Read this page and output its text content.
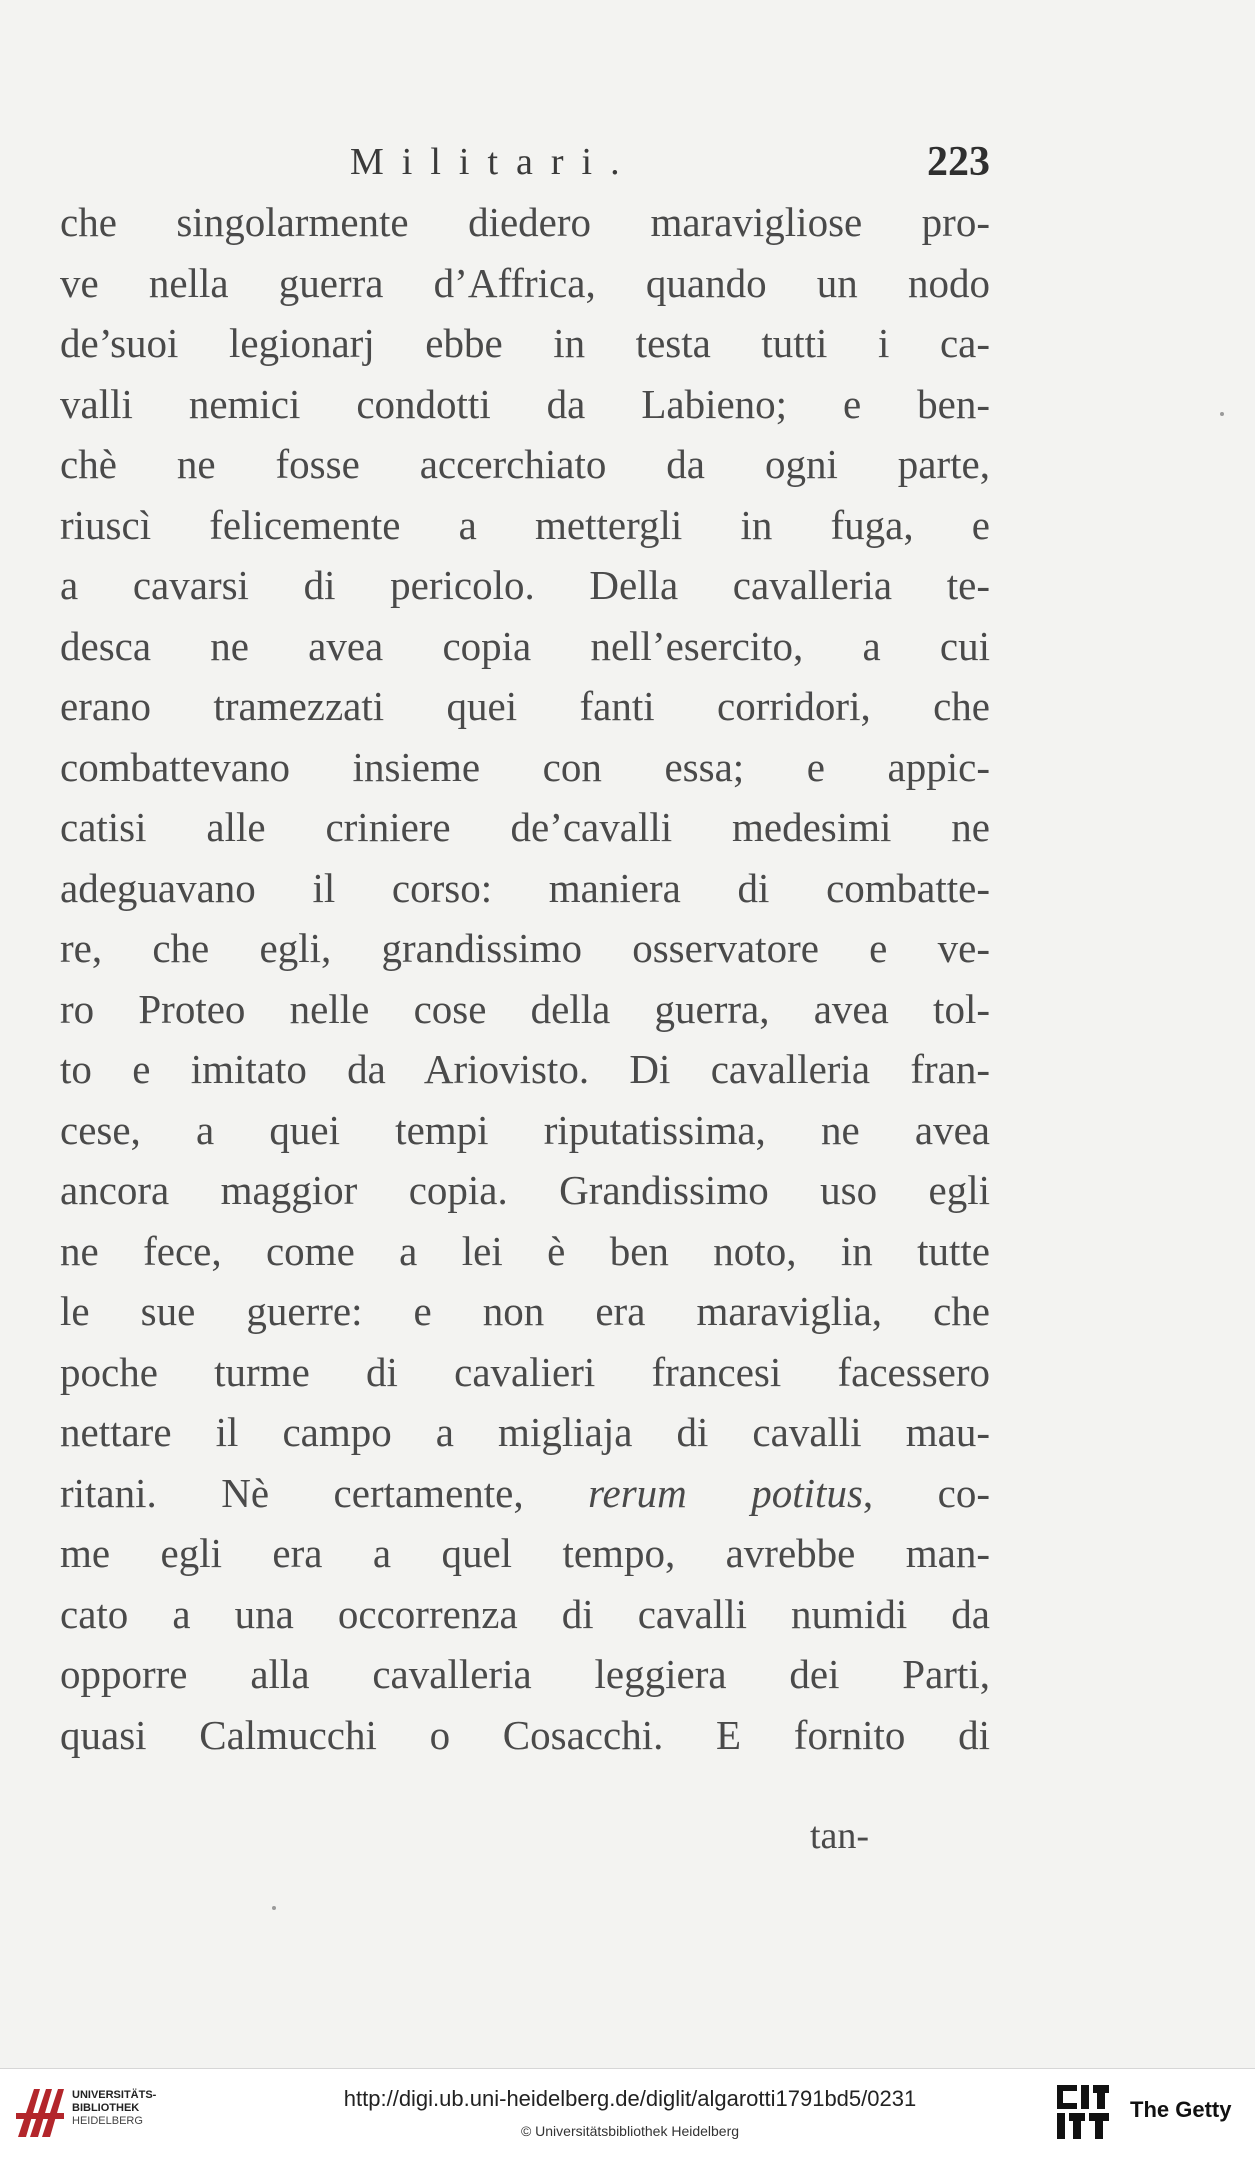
Militari.	223
che singolarmente diedero maravigliose pro-
ve nella guerra d’Affrica, quando un nodo
de’suoi legionarj ebbe in testa tutti i ca-
valli nemici condotti da Labieno; e ben-
chè ne fosse accerchiato da ogni parte,
riuscì felicemente a mettergli in fuga, e
a cavarsi di pericolo. Della cavalleria te-
desca ne avea copia nell’esercito, a cui
erano tramezzati quei fanti corridori, che
combattevano insieme con essa; e appic-
catisi alle criniere de’cavalli medesimi ne
adeguavano il corso: maniera di combatte-
re, che egli, grandissimo osservatore e ve-
ro Proteo nelle cose della guerra, avea tol-
to e imitato da Ariovisto. Di cavalleria fran-
cese, a quei tempi riputatissima, ne avea
ancora maggior copia. Grandissimo uso egli
ne fece, come a lei è ben noto, in tutte
le sue guerre: e non era maraviglia, che
poche turme di cavalieri francesi facessero
nettare il campo a migliaja di cavalli mau-
ritani. Nè certamente, rerum potitus, co-
me egli era a quel tempo, avrebbe man-
cato a una occorrenza di cavalli numidi da
opporre alla cavalleria leggiera dei Parti,
quasi Calmucchi o Cosacchi. E fornito di
tan-
UNIVERSITÄTS-
BIBLIOTHEK
HEIDELBERG
http://digi.ub.uni-heidelberg.de/diglit/algarotti1791bd5/0231
© Universitätsbibliothek Heidelberg
The Getty
